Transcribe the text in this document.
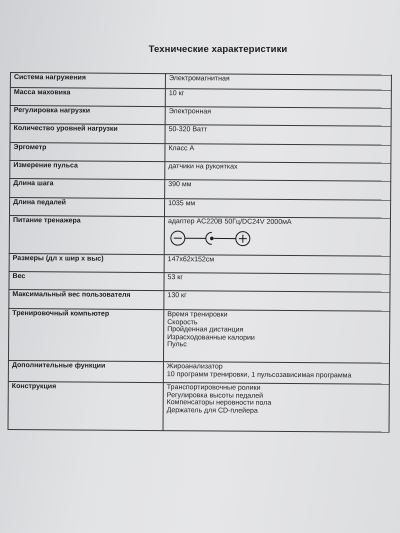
Технические характеристики
Система нагружения	Электромагнитная

Масса маховика	10 кг

Регулировка нагрузки	Электронная

Количество уровней нагрузки	50-320 Ватт

Эргометр	Класс А

Измерение пульса	датчики на рукоятках

Длина шага	390 мм

Длина педалей	1035 мм

Питание тренажера	адаптер AC220B 50Гц/DC24V 2000мА

Размеры (дл х шир х выс)	147x62x152см

Вес	53 кг

Максимальный вес пользователя	130 кг

Тренировочный компьютер	Время тренировки
Скорость
Пройденная дистанция
Израсходованные калории
Пульс

Дополнительные функции	Жироанализатор
10 программ тренировки, 1 пульсозависимая программа

Конструкция	Транспортировочные ролики
Регулировка высоты педалей
Компенсаторы неровности пола
Держатель для CD-плейера
